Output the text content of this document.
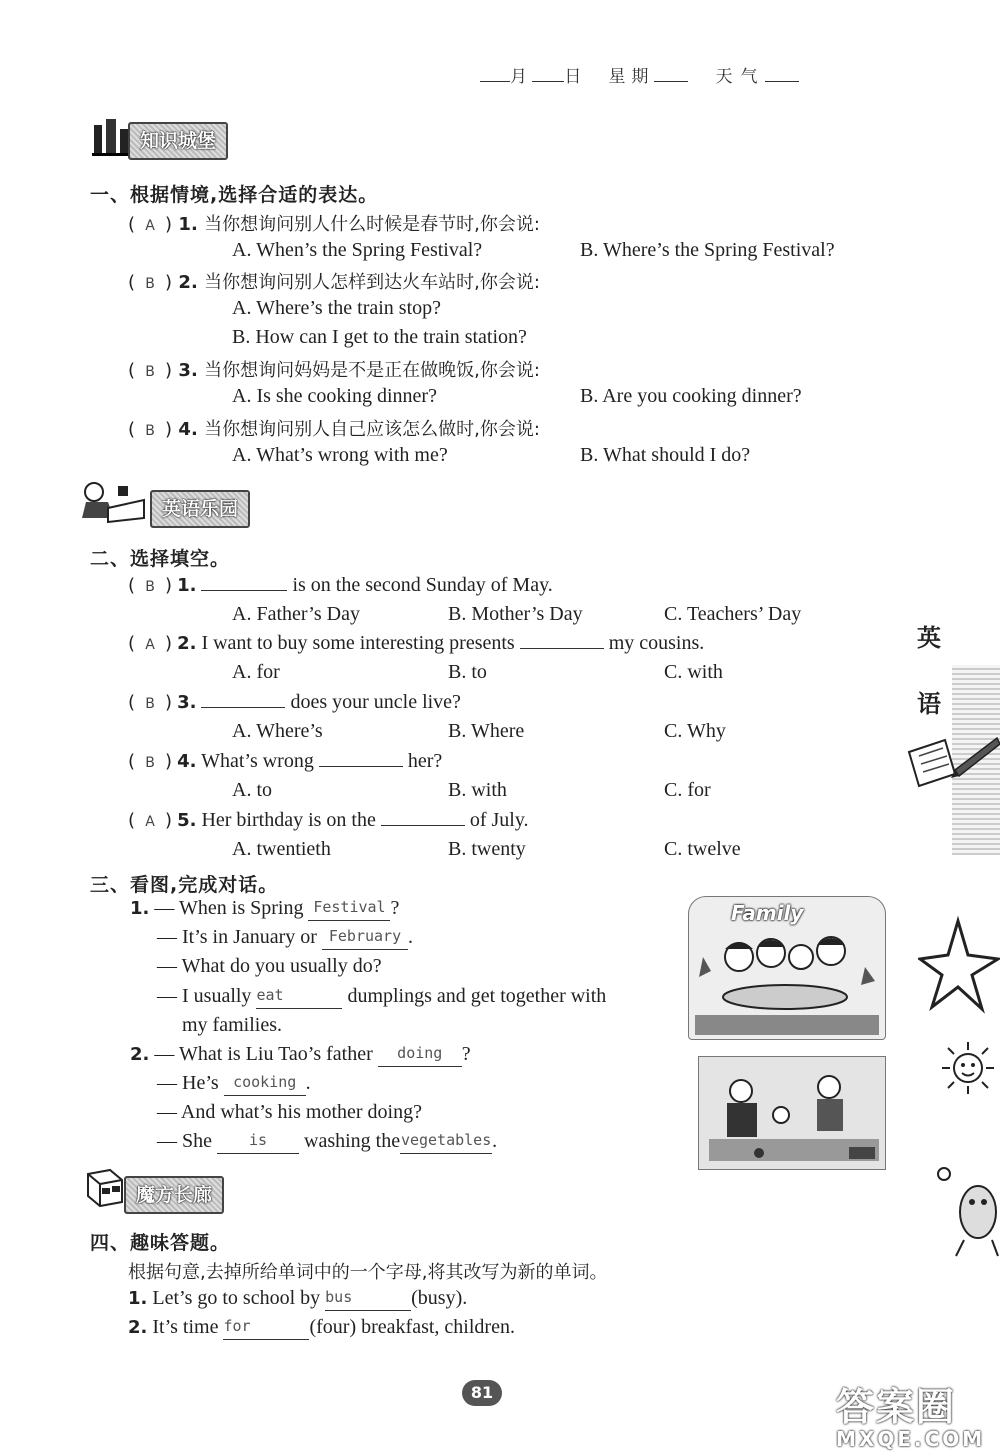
月 日 星期	天气
知识城堡
一、根据情境,选择合适的表达。
( A ) 1. 当你想询问别人什么时候是春节时,你会说:
A. When’s the Spring Festival?	B. Where’s the Spring Festival?
( B ) 2. 当你想询问别人怎样到达火车站时,你会说:
A. Where’s the train stop?
B. How can I get to the train station?
( B ) 3. 当你想询问妈妈是不是正在做晚饭,你会说:
A. Is she cooking dinner?	B. Are you cooking dinner?
( B ) 4. 当你想询问别人自己应该怎么做时,你会说:
A. What’s wrong with me?	B. What should I do?
英语乐园
二、选择填空。
( B ) 1.	is on the second Sunday of May.
A. Father’s Day	B. Mother’s Day	C. Teachers’ Day
( A ) 2. I want to buy some interesting presents	my cousins.
A. for	B. to	C. with
( B ) 3.	does your uncle live?
A. Where’s	B. Where	C. Why
( B ) 4. What’s wrong	her?
A. to	B. with	C. for
( A ) 5. Her birthday is on the	of July.
A. twentieth	B. twenty	C. twelve
三、看图,完成对话。
1. — When is Spring Festival ?
— It’s in January or February .
— What do you usually do?
— I usually eat	dumplings and get together with
my families.
2. — What is Liu Tao’s father doing ?
— He’s cooking .
— And what’s his mother doing?
— She is washing thevegetables.
Family
魔方长廊
四、趣味答题。
根据句意,去掉所给单词中的一个字母,将其改写为新的单词。
1. Let’s go to school by bus	(busy).
2. It’s time for	(four) breakfast, children.
81
英
语
答案圈
MXQE.COM
